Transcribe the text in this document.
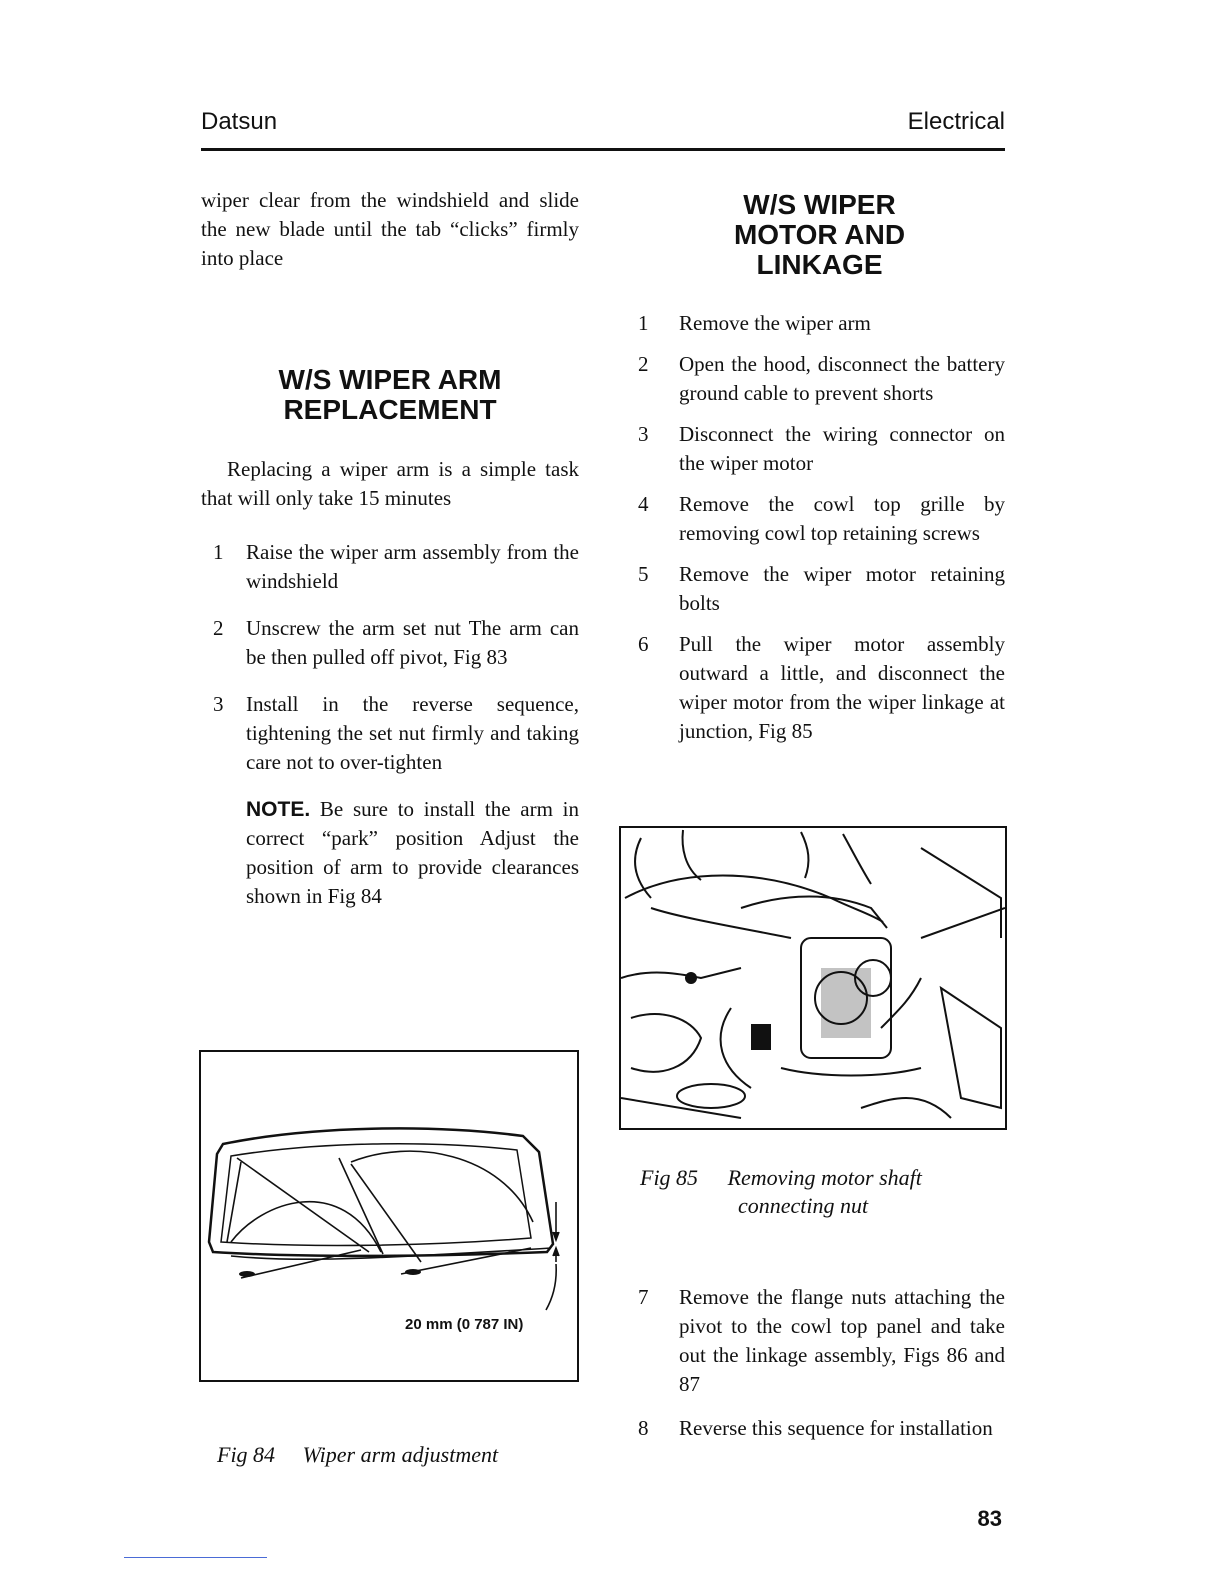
Datsun	Electrical

wiper clear from the windshield and slide the new blade until the tab “clicks” firmly into place

W/S WIPER ARM
REPLACEMENT

Replacing a wiper arm is a simple task that will only take 15 minutes

1 Raise the wiper arm assembly from the windshield
2 Unscrew the arm set nut The arm can be then pulled off pivot, Fig 83
3 Install in the reverse sequence, tightening the set nut firmly and taking care not to over-tighten

NOTE. Be sure to install the arm in correct “park” position Adjust the position of arm to provide clearances shown in Fig 84

20 mm (0 787 IN)
Fig 84 Wiper arm adjustment
W/S WIPER
MOTOR AND
LINKAGE
1 Remove the wiper arm
2 Open the hood, disconnect the battery ground cable to prevent shorts
3 Disconnect the wiring connector on the wiper motor
4 Remove the cowl top grille by removing cowl top retaining screws
5 Remove the wiper motor retaining bolts
6 Pull the wiper motor assembly outward a little, and disconnect the wiper motor from the wiper linkage at junction, Fig 85
Fig 85 Removing motor shaft
connecting nut
7 Remove the flange nuts attaching the pivot to the cowl top panel and take out the linkage assembly, Figs 86 and 87
8 Reverse this sequence for installation
83
